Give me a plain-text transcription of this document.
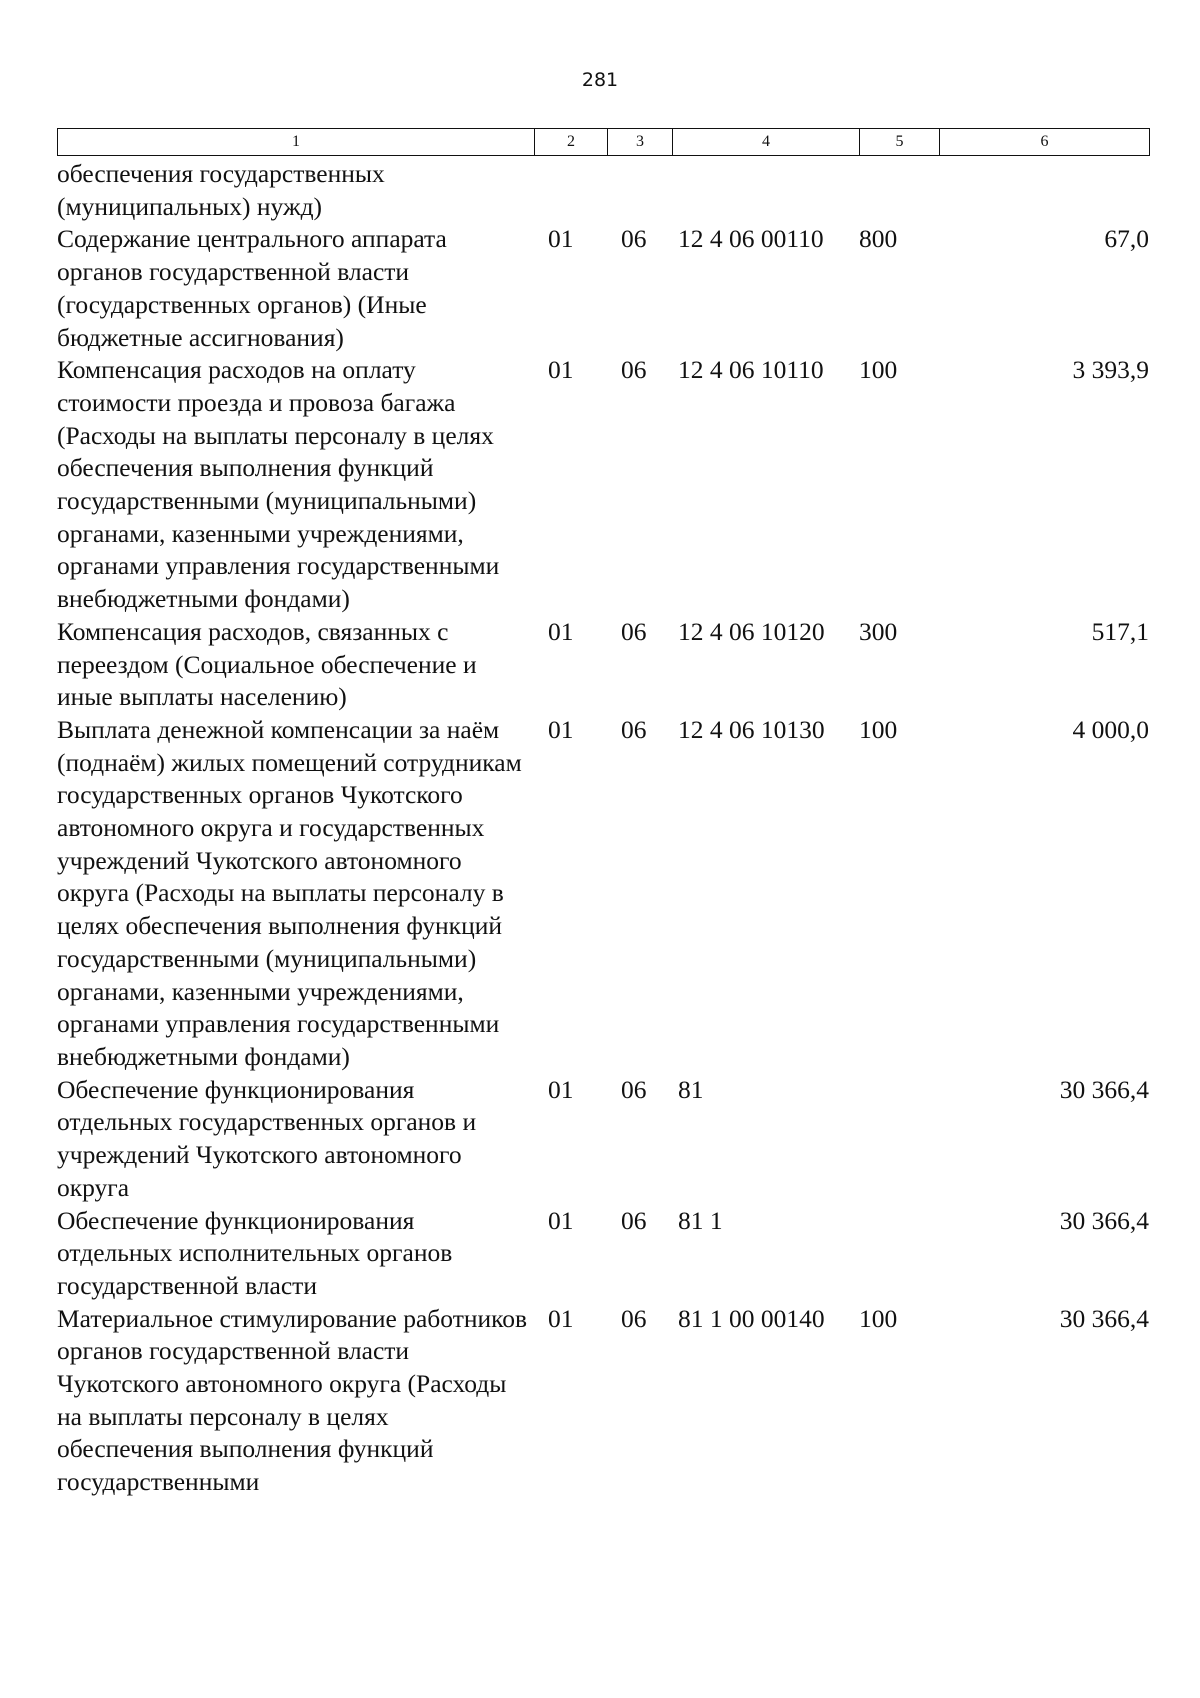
281
1	2	3	4	5	6
обеспечения государственных (муниципальных) нужд)					
Содержание центрального аппарата органов государственной власти (государственных органов) (Иные бюджетные ассигнования)	01	06	12 4 06 00110	800	67,0
Компенсация расходов на оплату стоимости проезда и провоза багажа (Расходы на выплаты персоналу в целях обеспечения выполнения функций государственными (муниципальными) органами, казенными учреждениями, органами управления государственными внебюджетными фондами)	01	06	12 4 06 10110	100	3 393,9
Компенсация расходов, связанных с переездом (Социальное обеспечение и иные выплаты населению)	01	06	12 4 06 10120	300	517,1
Выплата денежной компенсации за наём (поднаём) жилых помещений сотрудникам государственных органов Чукотского автономного округа и государственных учреждений Чукотского автономного округа (Расходы на выплаты персоналу в целях обеспечения выполнения функций государственными (муниципальными) органами, казенными учреждениями, органами управления государственными внебюджетными фондами)	01	06	12 4 06 10130	100	4 000,0
Обеспечение функционирования отдельных государственных органов и учреждений Чукотского автономного округа	01	06	81		30 366,4
Обеспечение функционирования отдельных исполнительных органов государственной власти	01	06	81 1		30 366,4
Материальное стимулирование работников органов государственной власти Чукотского автономного округа (Расходы на выплаты персоналу в целях обеспечения выполнения функций государственными	01	06	81 1 00 00140	100	30 366,4
